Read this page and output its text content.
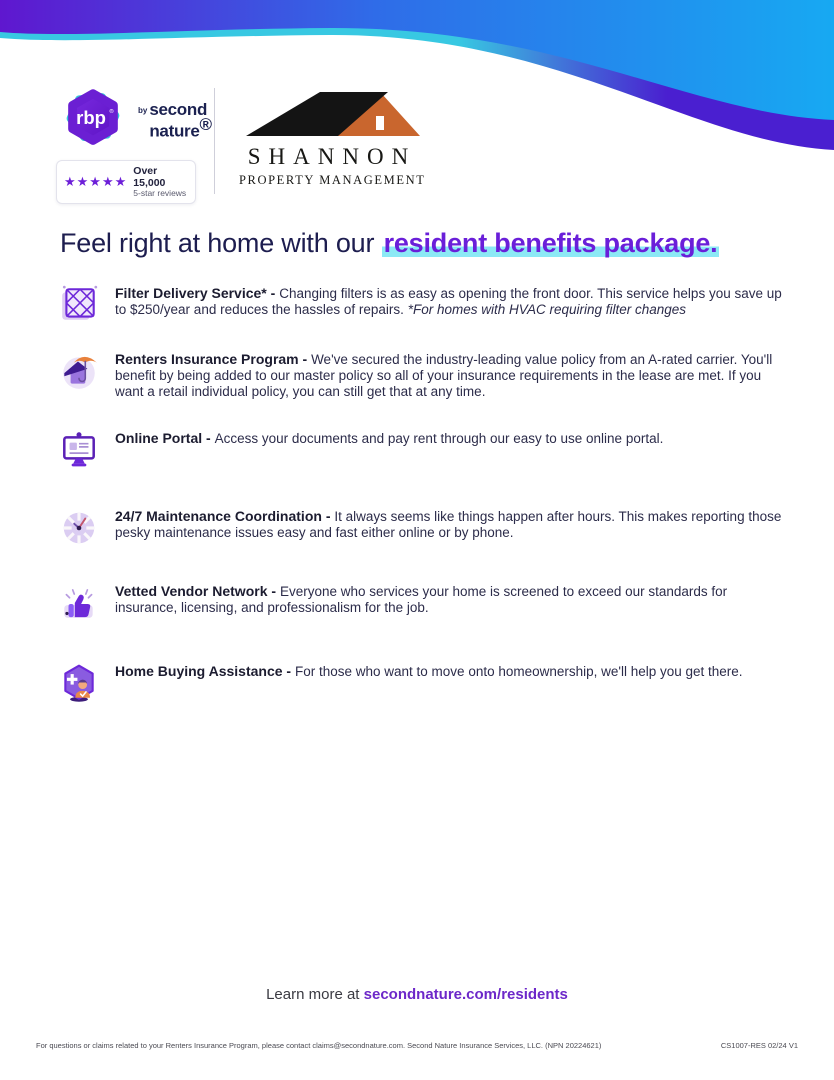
rbp ®	by second
nature®
★★★★★
Over 15,000
5-star reviews
SHANNON
PROPERTY MANAGEMENT
Feel right at home with our resident benefits package.
Filter Delivery Service* - Changing filters is as easy as opening the front door. This service helps you save up to $250/year and reduces the hassles of repairs. *For homes with HVAC requiring filter changes
Renters Insurance Program - We've secured the industry-leading value policy from an A-rated carrier. You'll benefit by being added to our master policy so all of your insurance requirements in the lease are met. If you want a retail individual policy, you can still get that at any time.
Online Portal - Access your documents and pay rent through our easy to use online portal.
24/7 Maintenance Coordination - It always seems like things happen after hours. This makes reporting those pesky maintenance issues easy and fast either online or by phone.
Vetted Vendor Network - Everyone who services your home is screened to exceed our standards for insurance, licensing, and professionalism for the job.
Home Buying Assistance - For those who want to move onto homeownership, we'll help you get there.
Learn more at secondnature.com/residents
For questions or claims related to your Renters Insurance Program, please contact claims@secondnature.com. Second Nature Insurance Services, LLC. (NPN 20224621)	CS1007-RES 02/24 V1
